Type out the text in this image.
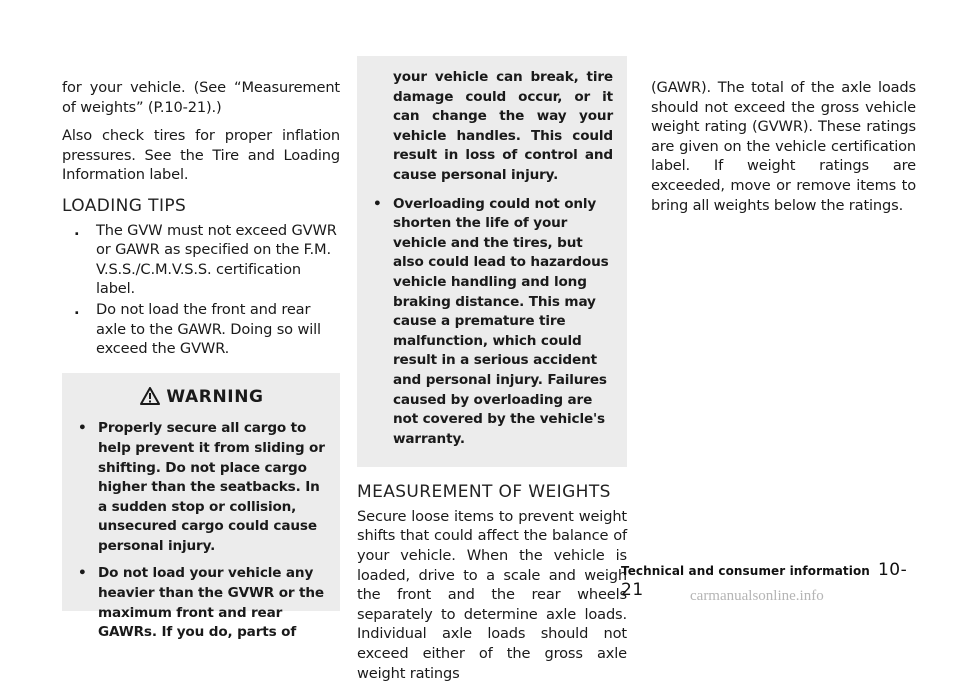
for your vehicle. (See “Measurement of weights” (P.10-21).)

Also check tires for proper inflation pressures. See the Tire and Loading Information label.

LOADING TIPS
. The GVW must not exceed GVWR or GAWR as specified on the F.M. V.S.S./C.M.V.S.S. certification label.
. Do not load the front and rear axle to the GAWR. Doing so will exceed the GVWR.
WARNING
• Properly secure all cargo to help prevent it from sliding or shifting. Do not place cargo higher than the seatbacks. In a sudden stop or collision, unsecured cargo could cause personal injury.
• Do not load your vehicle any heavier than the GVWR or the maximum front and rear GAWRs. If you do, parts of

your vehicle can break, tire damage could occur, or it can change the way your vehicle handles. This could result in loss of control and cause personal injury.

• Overloading could not only shorten the life of your vehicle and the tires, but also could lead to hazardous vehicle handling and long braking distance. This may cause a premature tire malfunction, which could result in a serious accident and personal injury. Failures caused by overloading are not covered by the vehicle's warranty.
MEASUREMENT OF WEIGHTS

Secure loose items to prevent weight shifts that could affect the balance of your vehicle. When the vehicle is loaded, drive to a scale and weigh the front and the rear wheels separately to determine axle loads. Individual axle loads should not exceed either of the gross axle weight ratings

(GAWR). The total of the axle loads should not exceed the gross vehicle weight rating (GVWR). These ratings are given on the vehicle certification label. If weight ratings are exceeded, move or remove items to bring all weights below the ratings.

Technical and consumer information 10-21	carmanualsonline.info
